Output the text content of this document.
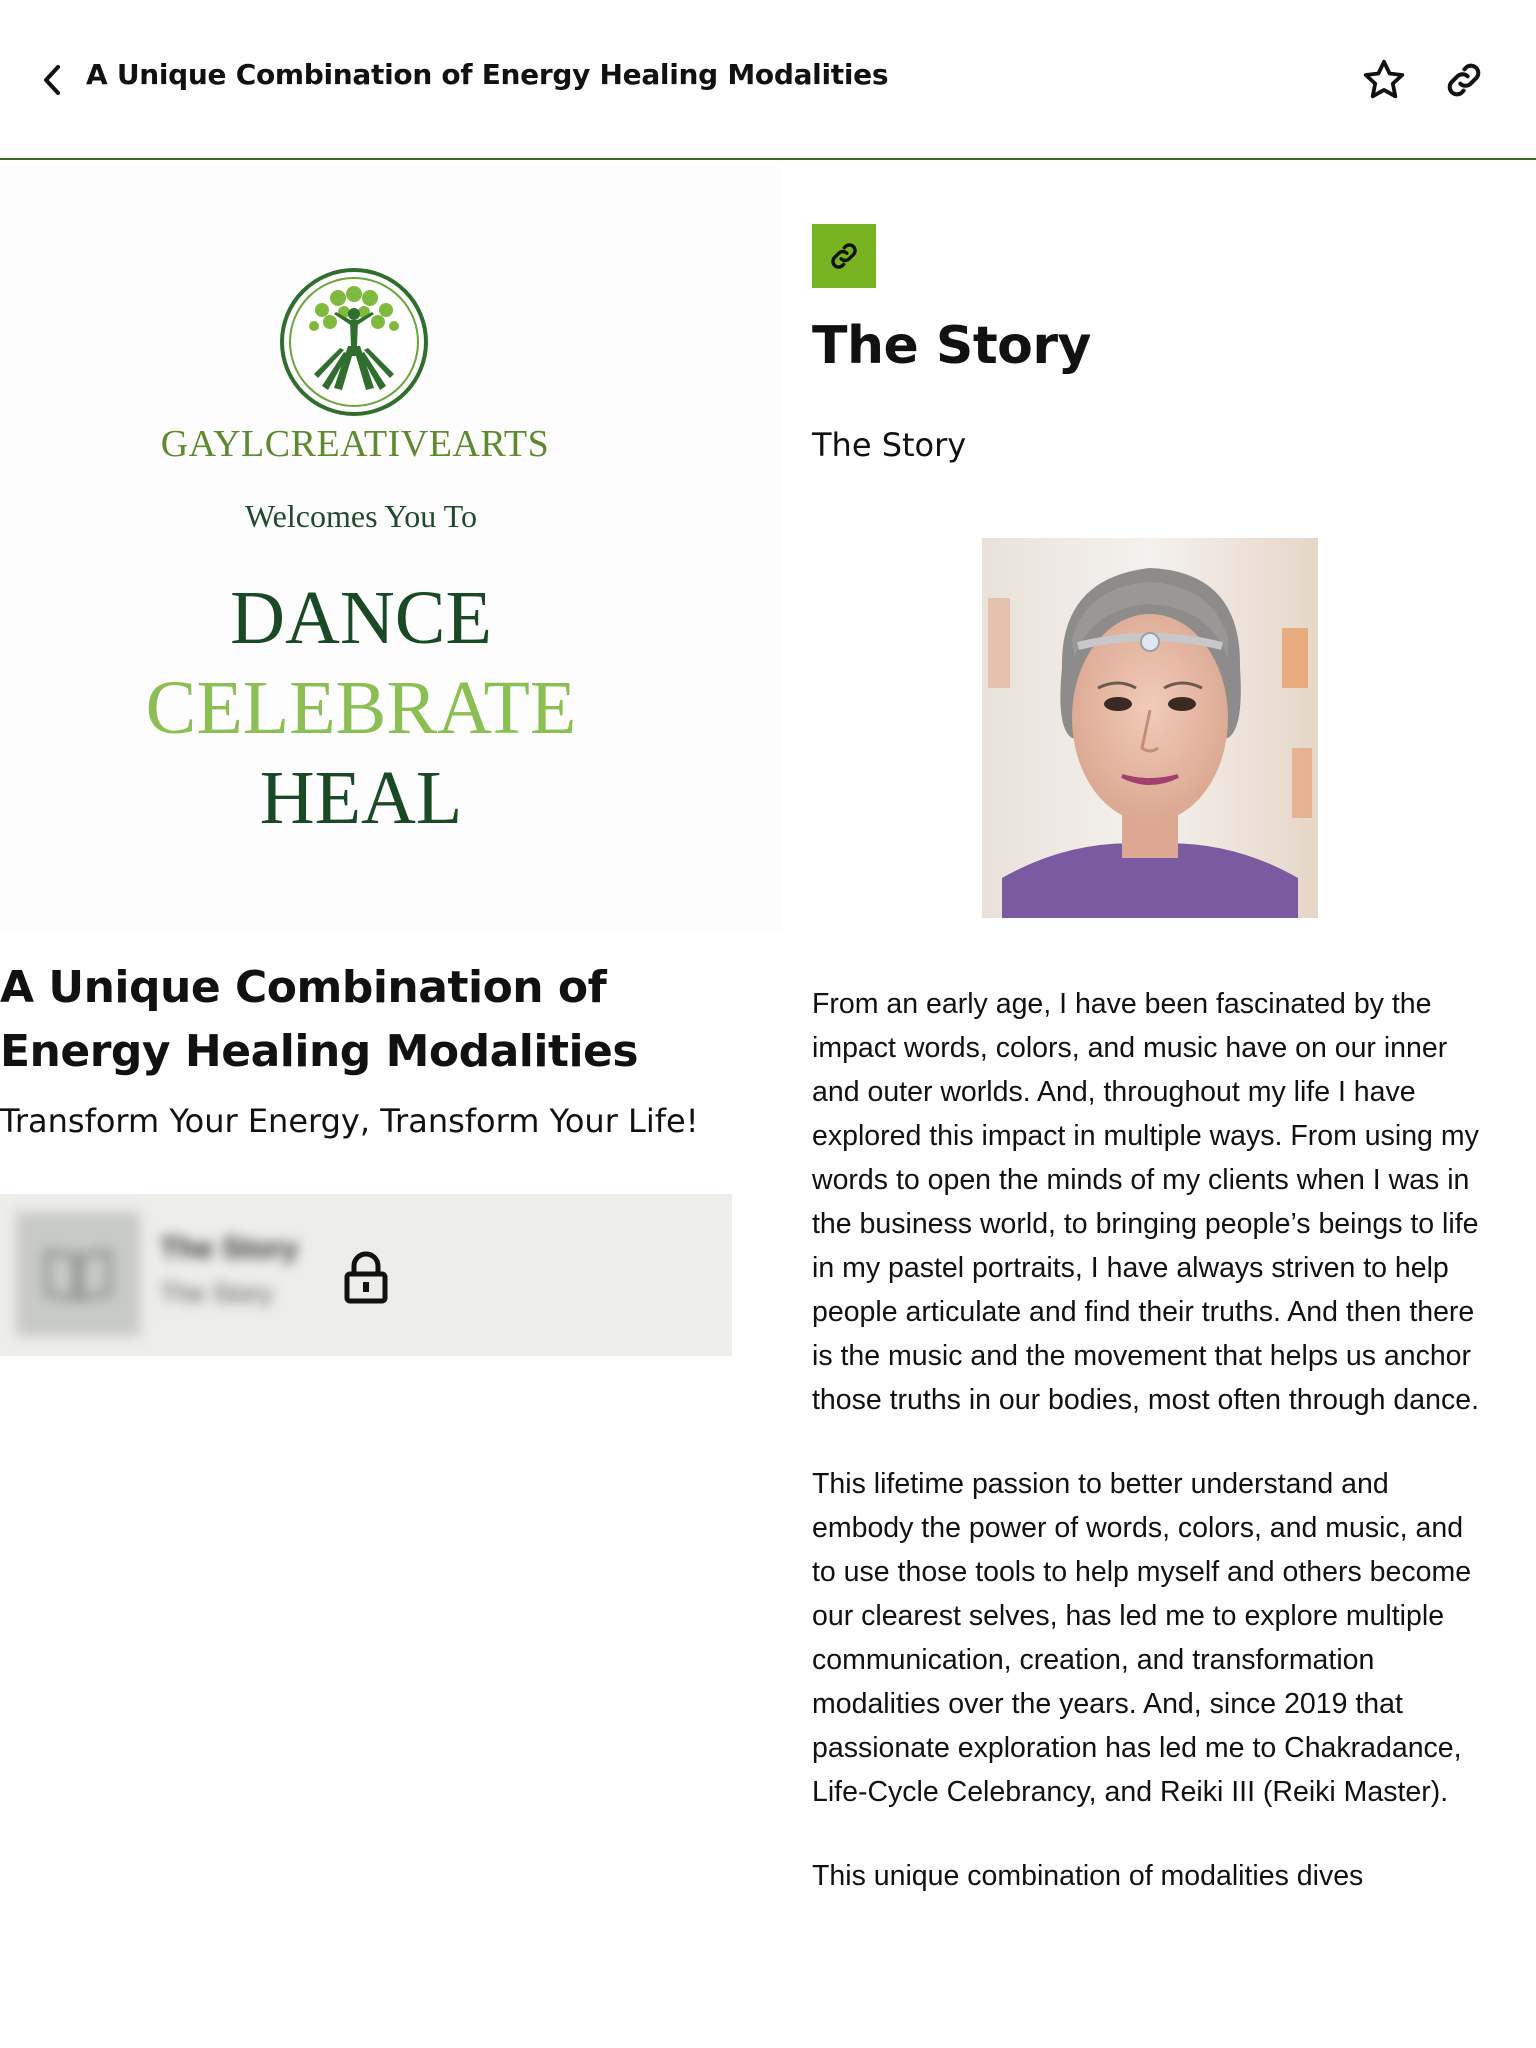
A Unique Combination of Energy Healing Modalities
GAYLCREATIVEARTS
Welcomes You To
DANCE
CELEBRATE
HEAL
A Unique Combination of Energy Healing Modalities
Transform Your Energy, Transform Your Life!
The Story
The Story
The Story
The Story

From an early age, I have been fascinated by the impact words, colors, and music have on our inner and outer worlds. And, throughout my life I have explored this impact in multiple ways. From using my words to open the minds of my clients when I was in the business world, to bringing people’s beings to life in my pastel portraits, I have always striven to help people articulate and find their truths. And then there is the music and the movement that helps us anchor those truths in our bodies, most often through dance.

This lifetime passion to better understand and embody the power of words, colors, and music, and to use those tools to help myself and others become our clearest selves, has led me to explore multiple communication, creation, and transformation modalities over the years. And, since 2019 that passionate exploration has led me to Chakradance, Life-Cycle Celebrancy, and Reiki III (Reiki Master).

This unique combination of modalities dives
